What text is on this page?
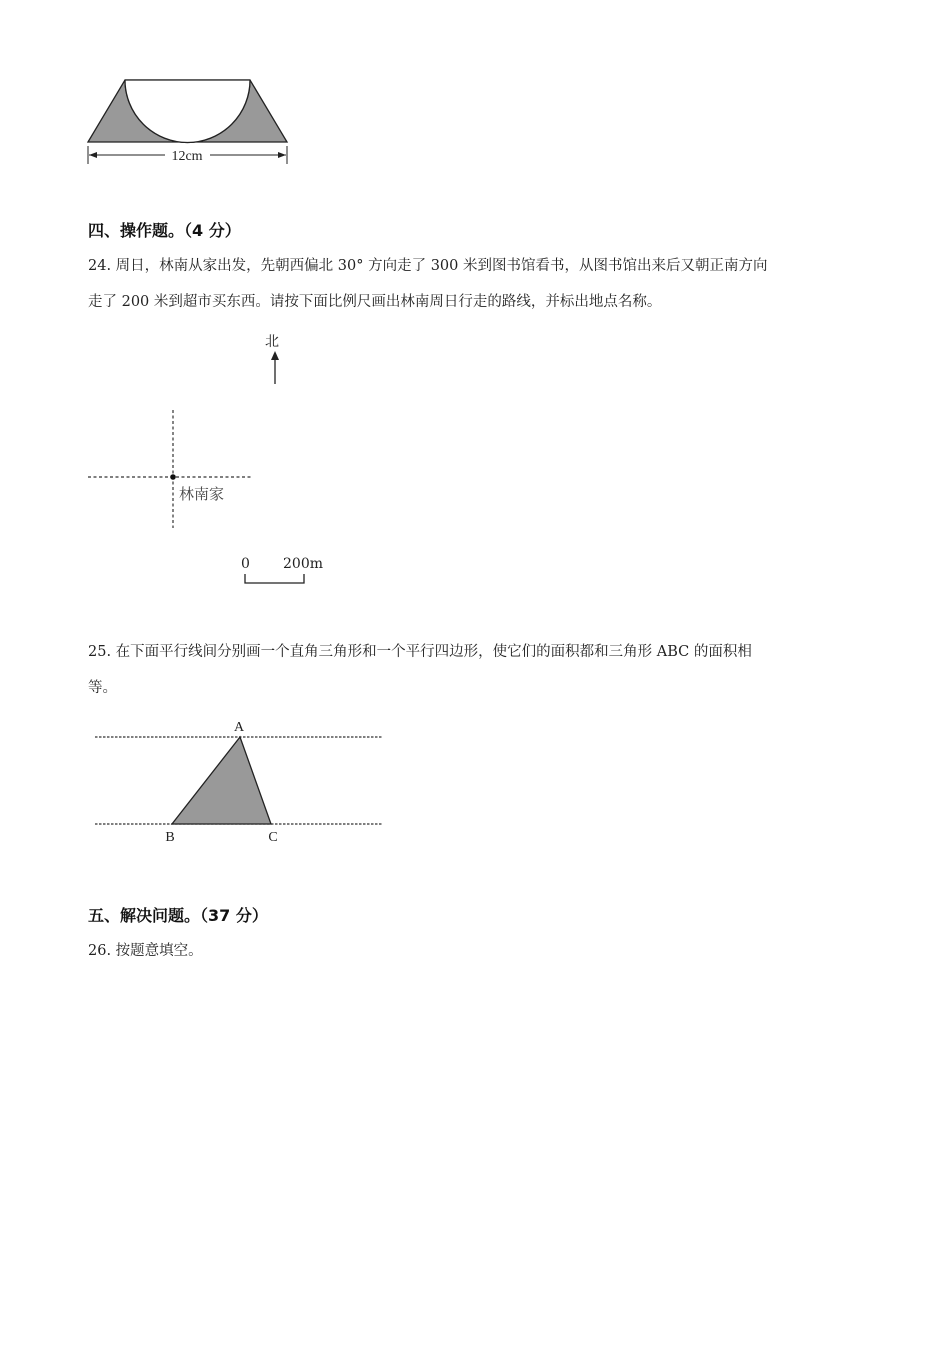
12cm
四、操作题。（4 分）
24. 周日，林南从家出发，先朝西偏北 30° 方向走了 300 米到图书馆看书，从图书馆出来后又朝正南方向
走了 200 米到超市买东西。请按下面比例尺画出林南周日行走的路线，并标出地点名称。
北
林南家
0 200m
25. 在下面平行线间分别画一个直角三角形和一个平行四边形，使它们的面积都和三角形 ABC 的面积相
等。
A
B	C
五、解决问题。（37 分）
26. 按题意填空。
